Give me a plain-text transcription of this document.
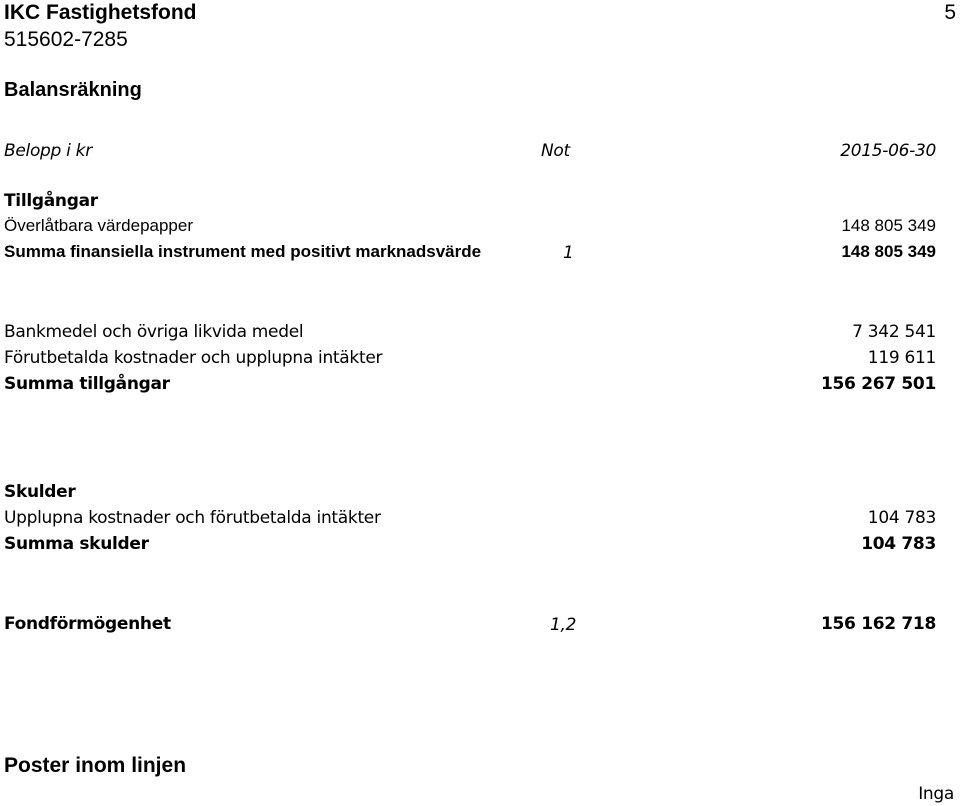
IKC Fastighetsfond
515602-7285
5
Balansräkning
Belopp i kr	Not	2015-06-30
Tillgångar
Överlåtbara värdepapper	148 805 349
Summa finansiella instrument med positivt marknadsvärde	1	148 805 349
Bankmedel och övriga likvida medel	7 342 541
Förutbetalda kostnader och upplupna intäkter	119 611
Summa tillgångar	156 267 501
Skulder
Upplupna kostnader och förutbetalda intäkter	104 783
Summa skulder	104 783
Fondförmögenhet	1,2	156 162 718
Poster inom linjen
Inga
